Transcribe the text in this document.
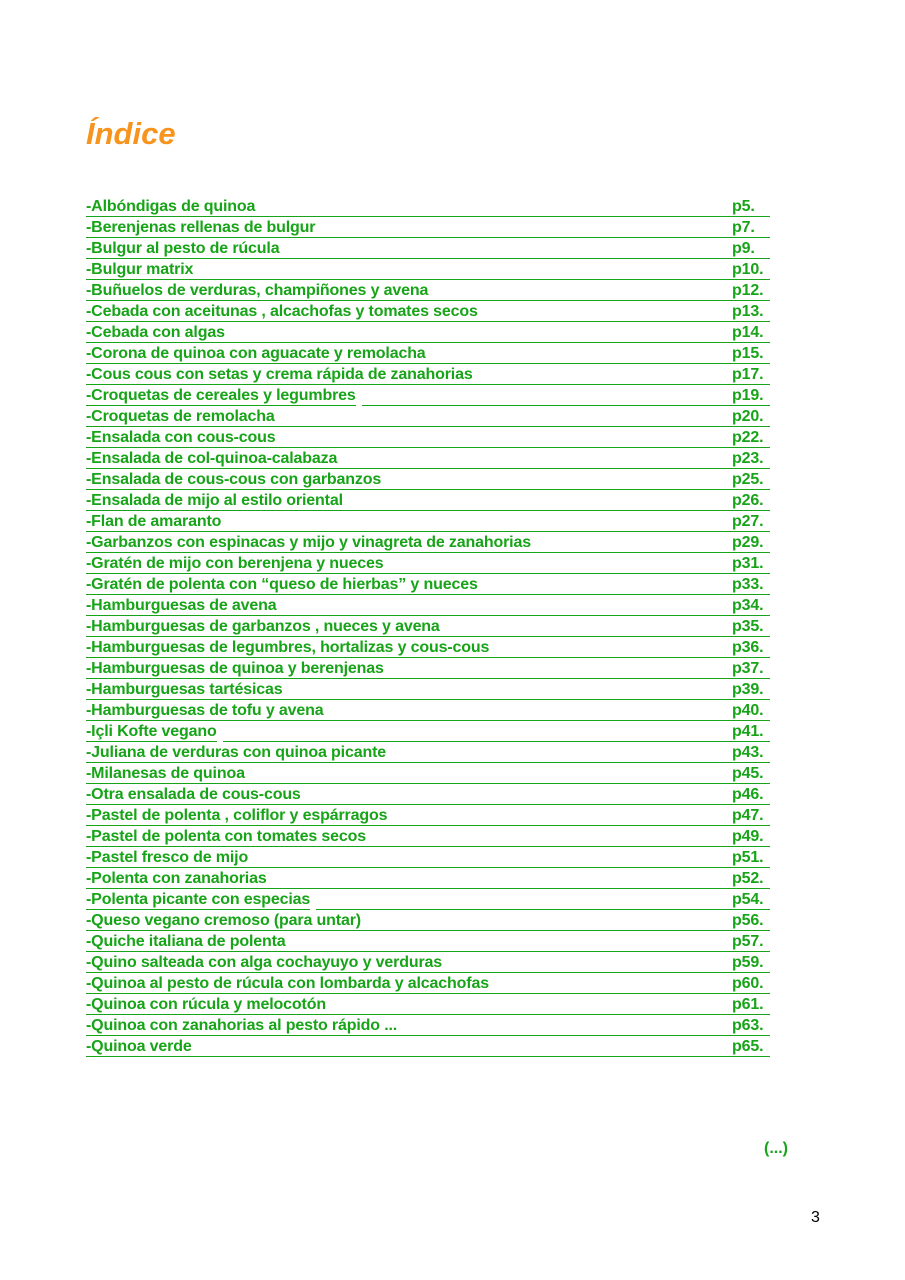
Índice
-Albóndigas de quinoa	p5.
-Berenjenas rellenas de bulgur	p7.
-Bulgur al pesto de rúcula	p9.
-Bulgur matrix	p10.
-Buñuelos de verduras, champiñones y avena	p12.
-Cebada con aceitunas , alcachofas y tomates secos	p13.
-Cebada con algas	p14.
-Corona de quinoa con aguacate y remolacha	p15.
-Cous cous con setas y crema rápida de zanahorias	p17.
-Croquetas de cereales y legumbres	p19.
-Croquetas de remolacha	p20.
-Ensalada con cous-cous	p22.
-Ensalada de col-quinoa-calabaza	p23.
-Ensalada de cous-cous con garbanzos	p25.
-Ensalada de mijo al estilo oriental	p26.
-Flan de amaranto	p27.
-Garbanzos con espinacas y mijo y vinagreta de zanahorias	p29.
-Gratén de mijo con berenjena y nueces	p31.
-Gratén de polenta con “queso de hierbas” y nueces	p33.
-Hamburguesas de avena	p34.
-Hamburguesas de garbanzos , nueces y avena	p35.
-Hamburguesas de legumbres, hortalizas y cous-cous	p36.
-Hamburguesas de quinoa y berenjenas	p37.
-Hamburguesas tartésicas	p39.
-Hamburguesas de tofu y avena	p40.
-Içli Kofte vegano	p41.
-Juliana de verduras con quinoa picante	p43.
-Milanesas de quinoa	p45.
-Otra ensalada de cous-cous	p46.
-Pastel de polenta , coliflor y espárragos	p47.
-Pastel de polenta con tomates secos	p49.
-Pastel fresco de mijo	p51.
-Polenta con zanahorias	p52.
-Polenta picante con especias	p54.
-Queso vegano cremoso (para untar)	p56.
-Quiche italiana de polenta	p57.
-Quino salteada con alga cochayuyo y verduras	p59.
-Quinoa al pesto de rúcula con lombarda y alcachofas	p60.
-Quinoa con rúcula y melocotón	p61.
-Quinoa con zanahorias al pesto rápido ...	p63.
-Quinoa verde	p65.
(...)
3
